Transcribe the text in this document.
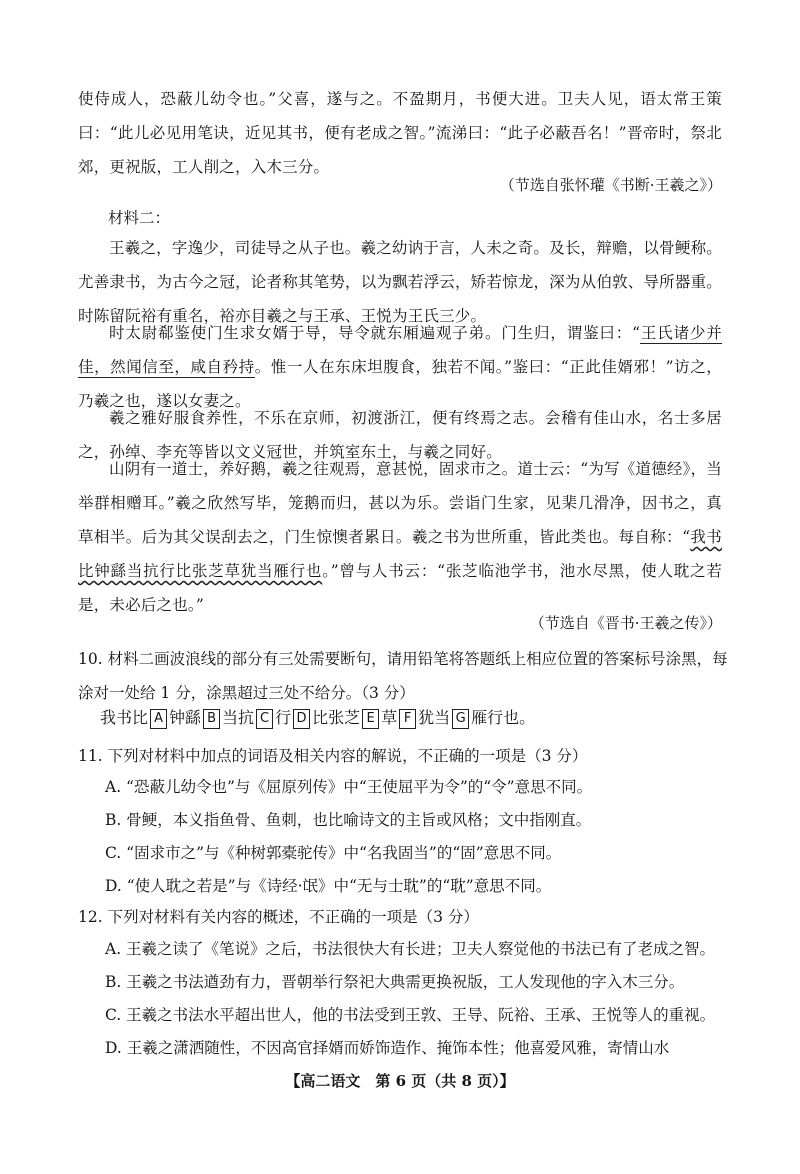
使侍成人，恐蔽儿幼令也。”父喜，遂与之。不盈期月，书便大进。卫夫人见，语太常王策曰：“此儿必见用笔诀，近见其书，便有老成之智。”流涕曰：“此子必蔽吾名！”晋帝时，祭北郊，更祝版，工人削之，入木三分。

（节选自张怀瓘《书断·王羲之》）

材料二：

王羲之，字逸少，司徒导之从子也。羲之幼讷于言，人未之奇。及长，辩赡，以骨鲠称。尤善隶书，为古今之冠，论者称其笔势，以为飘若浮云，矫若惊龙，深为从伯敦、导所器重。时陈留阮裕有重名，裕亦目羲之与王承、王悦为王氏三少。

时太尉郗鉴使门生求女婿于导，导令就东厢遍观子弟。门生归，谓鉴曰：“王氏诸少并佳，然闻信至，咸自矜持。惟一人在东床坦腹食，独若不闻。”鉴曰：“正此佳婿邪！”访之，乃羲之也，遂以女妻之。

羲之雅好服食养性，不乐在京师，初渡浙江，便有终焉之志。会稽有佳山水，名士多居之，孙绰、李充等皆以文义冠世，并筑室东土，与羲之同好。

山阴有一道士，养好鹅，羲之往观焉，意甚悦，固求市之。道士云：“为写《道德经》，当举群相赠耳。”羲之欣然写毕，笼鹅而归，甚以为乐。尝诣门生家，见棐几滑净，因书之，真草相半。后为其父误刮去之，门生惊懊者累日。羲之书为世所重，皆此类也。每自称：“我书比钟繇当抗行比张芝草犹当雁行也。”曾与人书云：“张芝临池学书，池水尽黑，使人耽之若是，未必后之也。”

（节选自《晋书·王羲之传》）

10. 材料二画波浪线的部分有三处需要断句，请用铅笔将答题纸上相应位置的答案标号涂黑，每涂对一处给 1 分，涂黑超过三处不给分。（3 分）

我书比 A 钟繇 B 当抗 C 行 D 比张芝 E 草 F 犹当 G 雁行也。

11. 下列对材料中加点的词语及相关内容的解说，不正确的一项是（3 分）

A. “恐蔽儿幼令也”与《屈原列传》中“王使屈平为令”的“令”意思不同。

B. 骨鲠，本义指鱼骨、鱼刺，也比喻诗文的主旨或风格；文中指刚直。

C. “固求市之”与《种树郭橐驼传》中“名我固当”的“固”意思不同。

D. “使人耽之若是”与《诗经·氓》中“无与士耽”的“耽”意思不同。

12. 下列对材料有关内容的概述，不正确的一项是（3 分）

A. 王羲之读了《笔说》之后，书法很快大有长进；卫夫人察觉他的书法已有了老成之智。

B. 王羲之书法遒劲有力，晋朝举行祭祀大典需更换祝版，工人发现他的字入木三分。

C. 王羲之书法水平超出世人，他的书法受到王敦、王导、阮裕、王承、王悦等人的重视。

D. 王羲之潇洒随性，不因高官择婿而娇饰造作、掩饰本性；他喜爱风雅，寄情山水

【高二语文　第 6 页（共 8 页）】
